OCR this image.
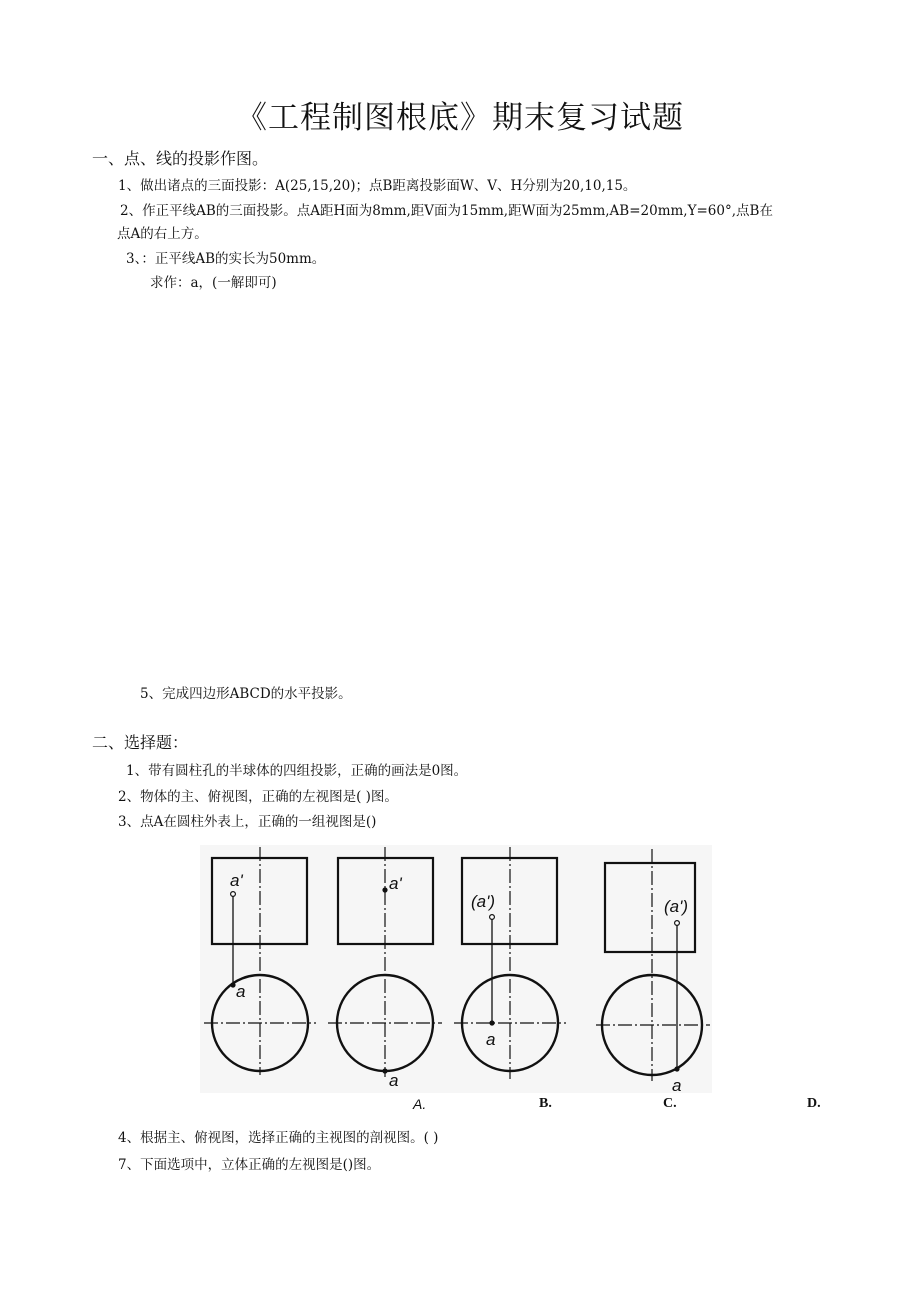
《工程制图根底》期末复习试题
一、点、线的投影作图。
1、做出诸点的三面投影：A(25,15,20)；点B距离投影面W、V、H分别为20,10,15。
2、作正平线AB的三面投影。点A距H面为8mm,距V面为15mm,距W面为25mm,AB=20mm,Y=60°,点B在
点A的右上方。
3、：正平线AB的实长为50mm。
求作：a，(一解即可)
5、完成四边形ABCD的水平投影。
二、选择题：
1、带有圆柱孔的半球体的四组投影，正确的画法是0图。
2、物体的主、俯视图，正确的左视图是( )图。
3、点A在圆柱外表上，正确的一组视图是()
a'
a
a'
a
(a')
a
(a')
a
A.	B.	C.	D.
4、根据主、俯视图，选择正确的主视图的剖视图。( )
7、下面选项中，立体正确的左视图是()图。
